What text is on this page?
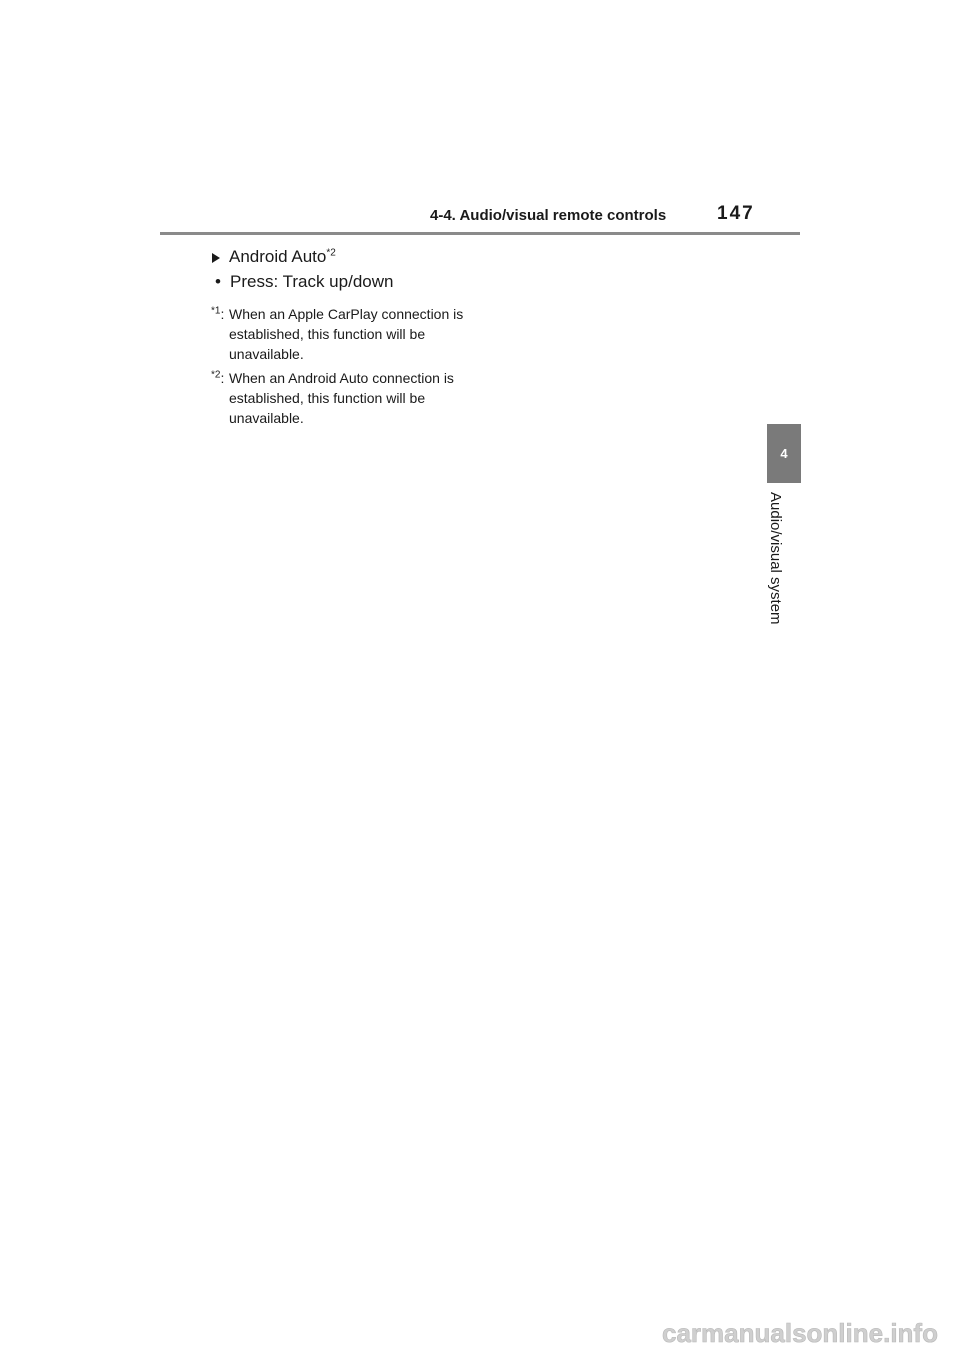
4-4. Audio/visual remote controls	147
4
Audio/visual system
Android Auto$^{*2}$
• Press: Track up/down
$^{*1}$: When an Apple CarPlay connection is established, this function will be unavailable.
$^{*2}$: When an Android Auto connection is established, this function will be unavailable.
carmanualsonline.info
